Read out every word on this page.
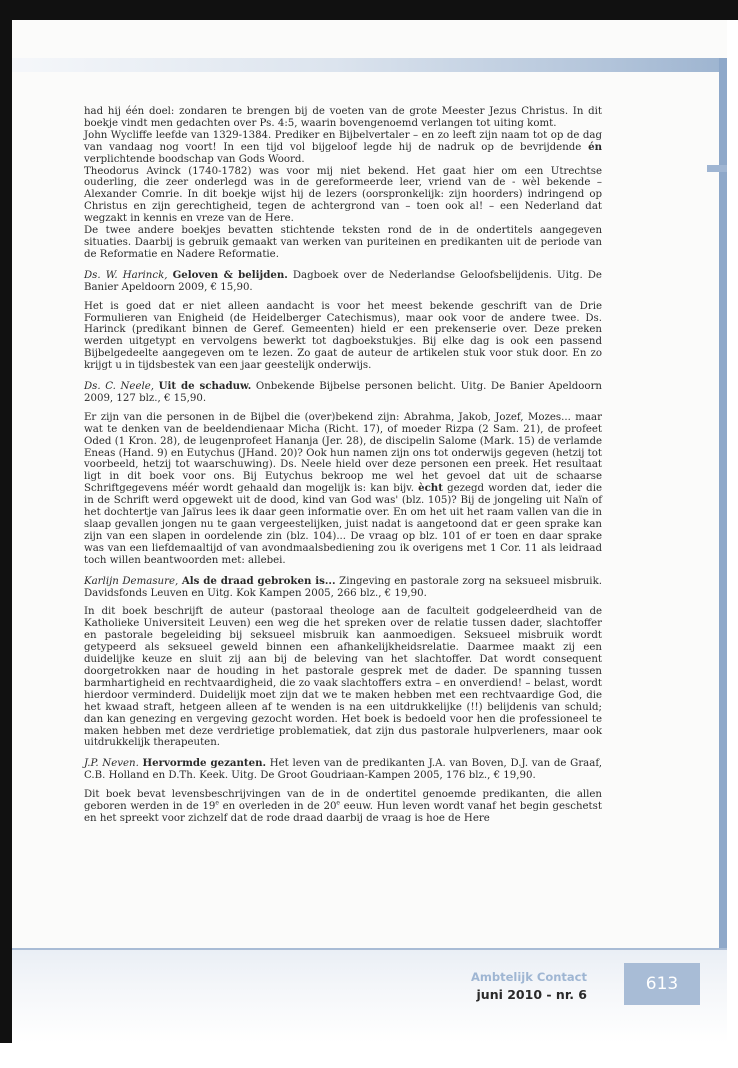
had hij één doel: zondaren te brengen bij de voeten van de grote Meester Jezus Christus. In dit boekje vindt men gedachten over Ps. 4:5, waarin bovengenoemd verlangen tot uiting komt.

John Wycliffe leefde van 1329-1384. Prediker en Bijbelvertaler – en zo leeft zijn naam tot op de dag van vandaag nog voort! In een tijd vol bijgeloof legde hij de nadruk op de bevrijdende én verplichtende boodschap van Gods Woord.

Theodorus Avinck (1740-1782) was voor mij niet bekend. Het gaat hier om een Utrechtse ouderling, die zeer onderlegd was in de gereformeerde leer, vriend van de - wèl bekende – Alexander Comrie. In dit boekje wijst hij de lezers (oorspronkelijk: zijn hoorders) indringend op Christus en zijn gerechtigheid, tegen de achtergrond van – toen ook al! – een Nederland dat wegzakt in kennis en vreze van de Here.

De twee andere boekjes bevatten stichtende teksten rond de in de ondertitels aangegeven situaties. Daarbij is gebruik gemaakt van werken van puriteinen en predikanten uit de periode van de Reformatie en Nadere Reformatie.

Ds. W. Harinck, Geloven & belijden. Dagboek over de Nederlandse Geloofsbelijdenis. Uitg. De Banier Apeldoorn 2009, € 15,90.

Het is goed dat er niet alleen aandacht is voor het meest bekende geschrift van de Drie Formulieren van Enigheid (de Heidelberger Catechismus), maar ook voor de andere twee. Ds. Harinck (predikant binnen de Geref. Gemeenten) hield er een prekenserie over. Deze preken werden uitgetypt en vervolgens bewerkt tot dagboekstukjes. Bij elke dag is ook een passend Bijbelgedeelte aangegeven om te lezen. Zo gaat de auteur de artikelen stuk voor stuk door. En zo krijgt u in tijdsbestek van een jaar geestelijk onderwijs.

Ds. C. Neele, Uit de schaduw. Onbekende Bijbelse personen belicht. Uitg. De Banier Apeldoorn 2009, 127 blz., € 15,90.

Er zijn van die personen in de Bijbel die (over)bekend zijn: Abrahma, Jakob, Jozef, Mozes... maar wat te denken van de beeldendienaar Micha (Richt. 17), of moeder Rizpa (2 Sam. 21), de profeet Oded (1 Kron. 28), de leugenprofeet Hananja (Jer. 28), de discipelin Salome (Mark. 15) de verlamde Eneas (Hand. 9) en Eutychus (JHand. 20)? Ook hun namen zijn ons tot onderwijs gegeven (hetzij tot voorbeeld, hetzij tot waarschuwing). Ds. Neele hield over deze personen een preek. Het resultaat ligt in dit boek voor ons. Bij Eutychus bekroop me wel het gevoel dat uit de schaarse Schriftgegevens méér wordt gehaald dan mogelijk is: kan bijv. ècht gezegd worden dat, ieder die in de Schrift werd opgewekt uit de dood, kind van God was' (blz. 105)? Bij de jongeling uit Naïn of het dochtertje van Jaïrus lees ik daar geen informatie over. En om het uit het raam vallen van die in slaap gevallen jongen nu te gaan vergeestelijken, juist nadat is aangetoond dat er geen sprake kan zijn van een slapen in oordelende zin (blz. 104)... De vraag op blz. 101 of er toen en daar sprake was van een liefdemaaltijd of van avondmaalsbediening zou ik overigens met 1 Cor. 11 als leidraad toch willen beantwoorden met: allebei.

Karlijn Demasure, Als de draad gebroken is... Zingeving en pastorale zorg na seksueel misbruik. Davidsfonds Leuven en Uitg. Kok Kampen 2005, 266 blz., € 19,90.

In dit boek beschrijft de auteur (pastoraal theologe aan de faculteit godgeleerdheid van de Katholieke Universiteit Leuven) een weg die het spreken over de relatie tussen dader, slachtoffer en pastorale begeleiding bij seksueel misbruik kan aanmoedigen. Seksueel misbruik wordt getypeerd als seksueel geweld binnen een afhankelijkheidsrelatie. Daarmee maakt zij een duidelijke keuze en sluit zij aan bij de beleving van het slachtoffer. Dat wordt consequent doorgetrokken naar de houding in het pastorale gesprek met de dader. De spanning tussen barmhartigheid en rechtvaardigheid, die zo vaak slachtoffers extra – en onverdiend! – belast, wordt hierdoor verminderd. Duidelijk moet zijn dat we te maken hebben met een rechtvaardige God, die het kwaad straft, hetgeen alleen af te wenden is na een uitdrukkelijke (!!) belijdenis van schuld; dan kan genezing en vergeving gezocht worden. Het boek is bedoeld voor hen die professioneel te maken hebben met deze verdrietige problematiek, dat zijn dus pastorale hulpverleners, maar ook uitdrukkelijk therapeuten.

J.P. Neven. Hervormde gezanten. Het leven van de predikanten J.A. van Boven, D.J. van de Graaf, C.B. Holland en D.Th. Keek. Uitg. De Groot Goudriaan-Kampen 2005, 176 blz., € 19,90.

Dit boek bevat levensbeschrijvingen van de in de ondertitel genoemde predikanten, die allen geboren werden in de 19e en overleden in de 20e eeuw. Hun leven wordt vanaf het begin geschetst en het spreekt voor zichzelf dat de rode draad daarbij de vraag is hoe de Here

Ambtelijk Contact
juni 2010 - nr. 6
613
